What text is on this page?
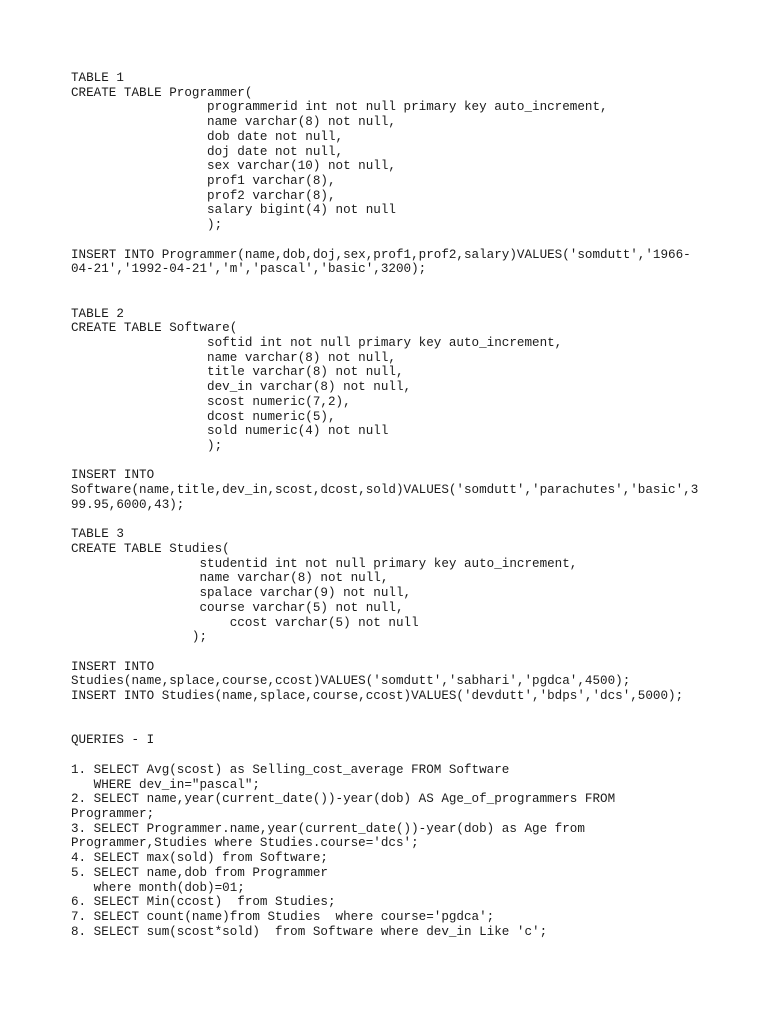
TABLE 1
CREATE TABLE Programmer(
programmerid int not null primary key auto_increment,
name varchar(8) not null,
dob date not null,
doj date not null,
sex varchar(10) not null,
prof1 varchar(8),
prof2 varchar(8),
salary bigint(4) not null
);
INSERT INTO Programmer(name,dob,doj,sex,prof1,prof2,salary)VALUES('somdutt','1966-
04-21','1992-04-21','m','pascal','basic',3200);
TABLE 2
CREATE TABLE Software(
softid int not null primary key auto_increment,
name varchar(8) not null,
title varchar(8) not null,
dev_in varchar(8) not null,
scost numeric(7,2),
dcost numeric(5),
sold numeric(4) not null
);
INSERT INTO
Software(name,title,dev_in,scost,dcost,sold)VALUES('somdutt','parachutes','basic',3
99.95,6000,43);
TABLE 3
CREATE TABLE Studies(
studentid int not null primary key auto_increment,
name varchar(8) not null,
spalace varchar(9) not null,
course varchar(5) not null,
ccost varchar(5) not null
);
INSERT INTO
Studies(name,splace,course,ccost)VALUES('somdutt','sabhari','pgdca',4500);
INSERT INTO Studies(name,splace,course,ccost)VALUES('devdutt','bdps','dcs',5000);
QUERIES - I
1. SELECT Avg(scost) as Selling_cost_average FROM Software
WHERE dev_in="pascal";
2. SELECT name,year(current_date())-year(dob) AS Age_of_programmers FROM
Programmer;
3. SELECT Programmer.name,year(current_date())-year(dob) as Age from
Programmer,Studies where Studies.course='dcs';
4. SELECT max(sold) from Software;
5. SELECT name,dob from Programmer
where month(dob)=01;
6. SELECT Min(ccost)  from Studies;
7. SELECT count(name)from Studies  where course='pgdca';
8. SELECT sum(scost*sold)  from Software where dev_in Like 'c';
